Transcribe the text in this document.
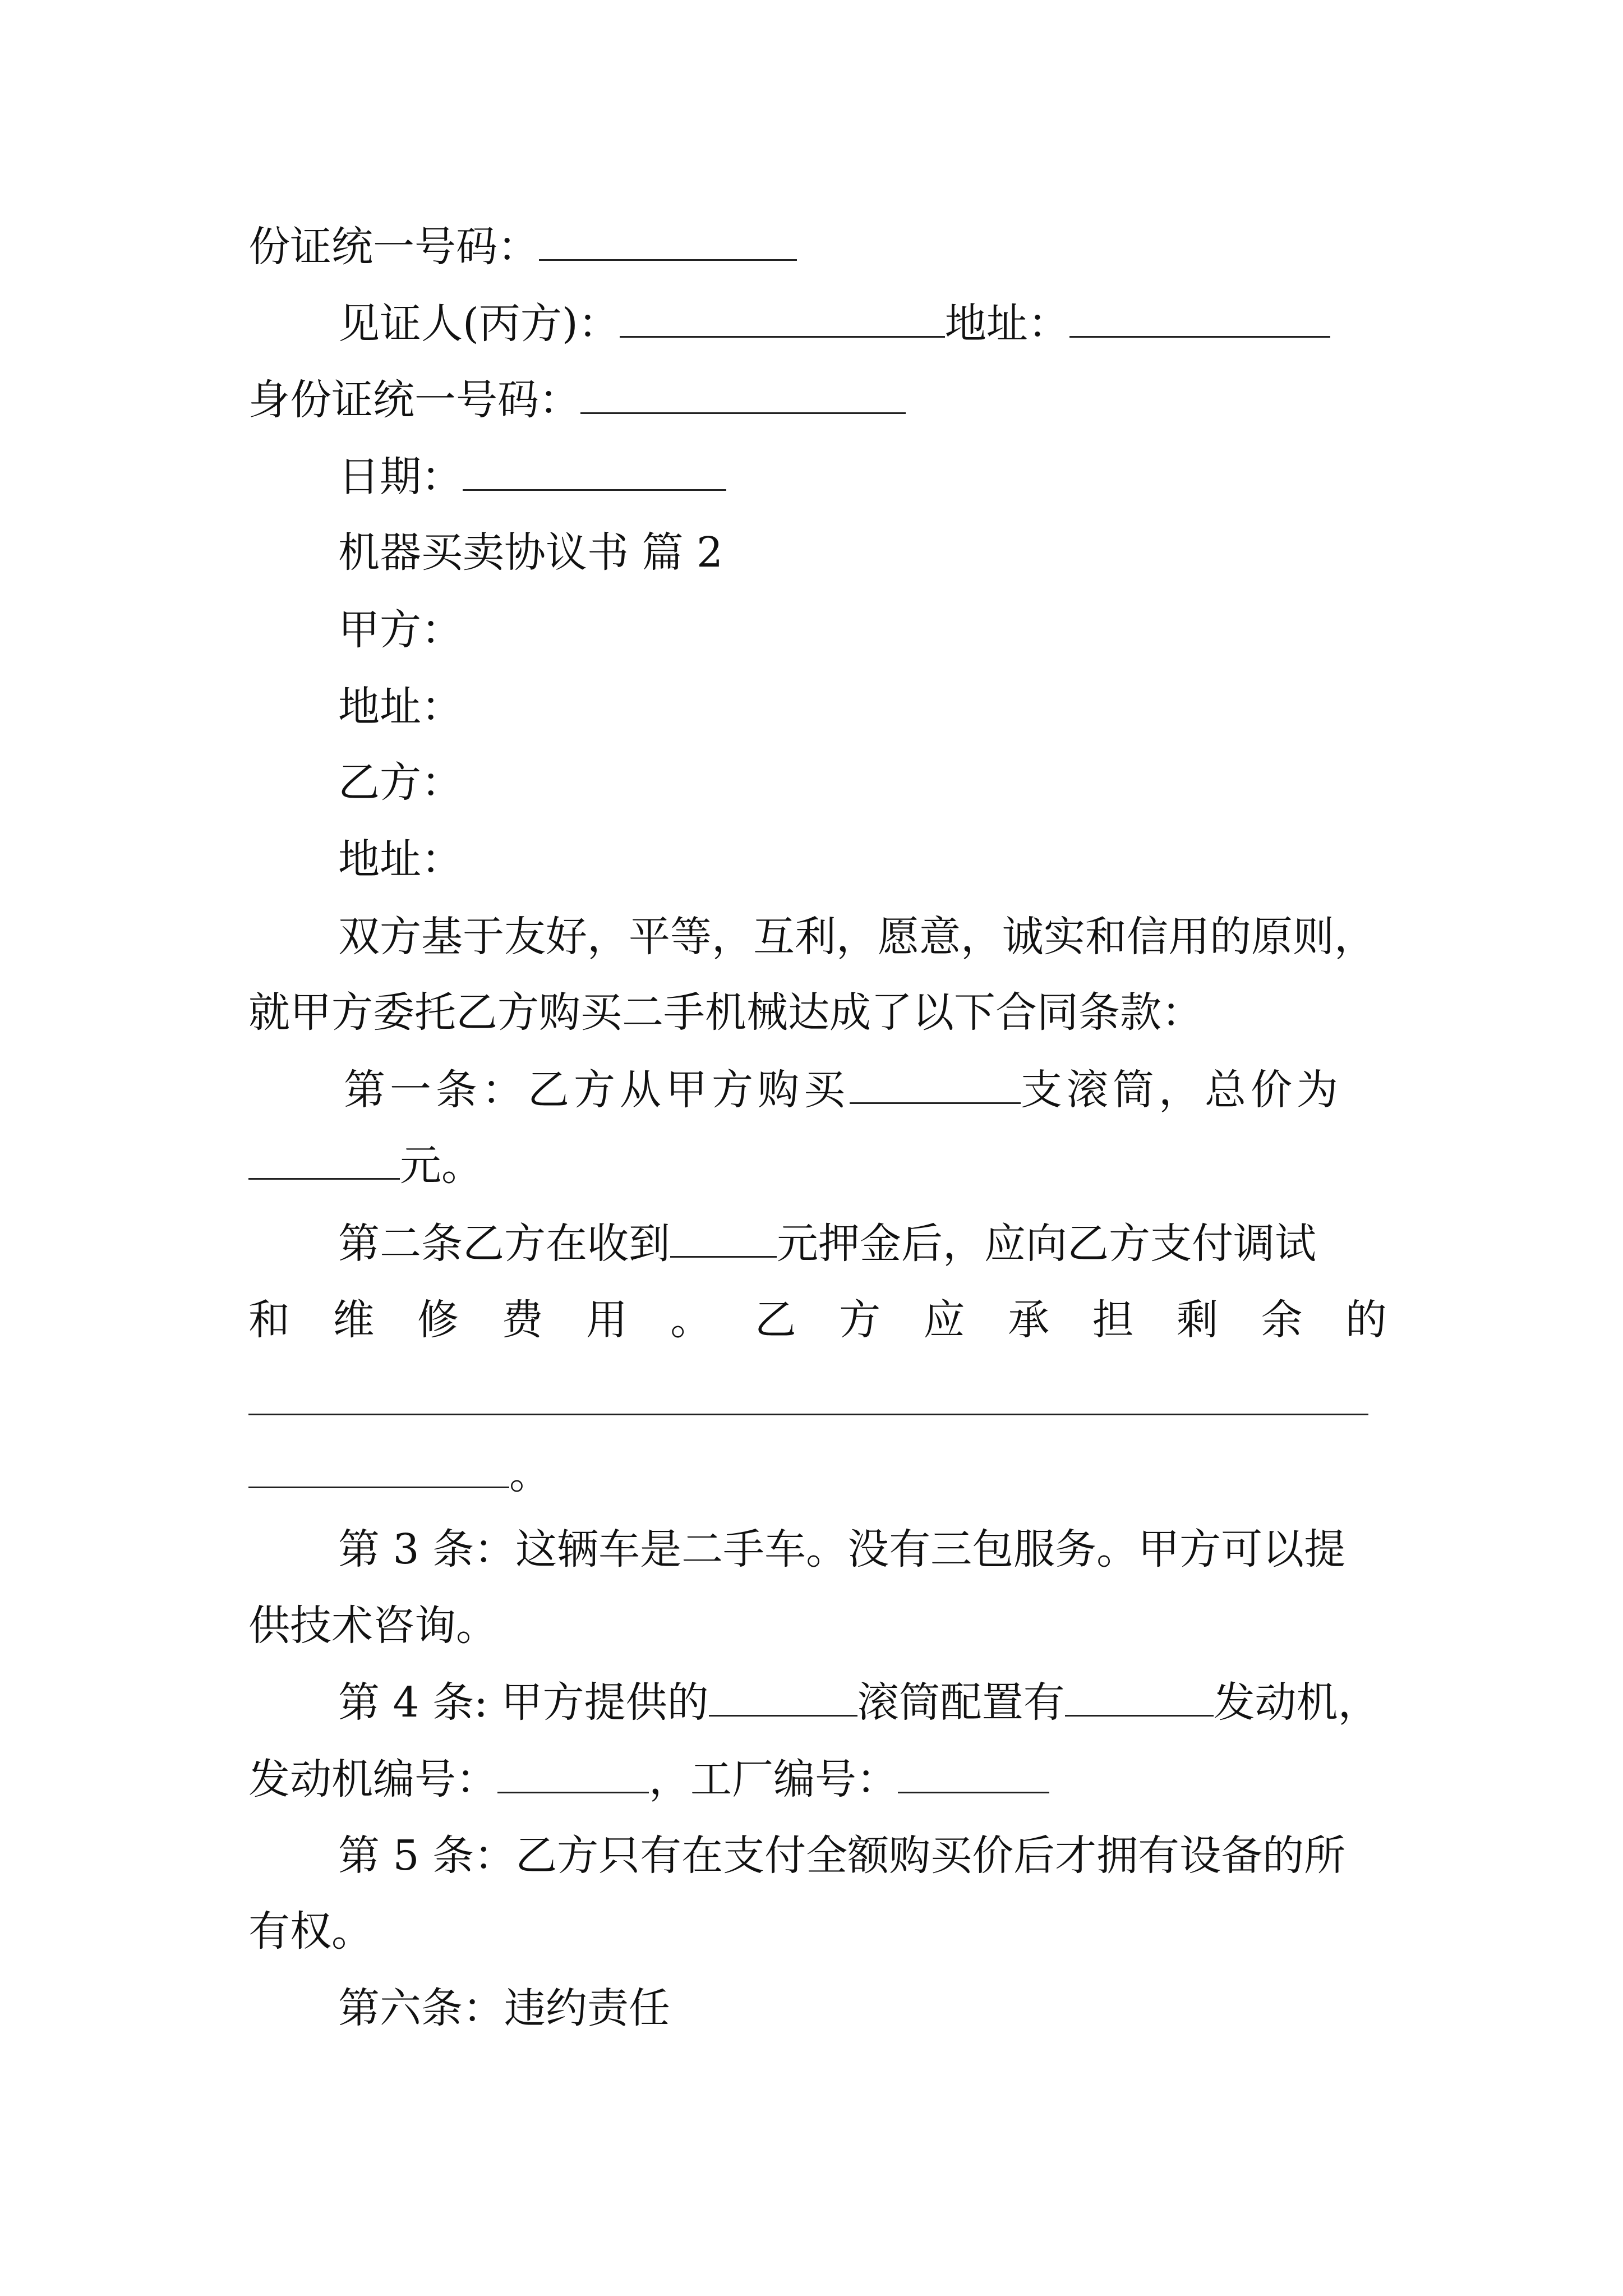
份证统一号码：
见证人(丙方)：	地址：
身份证统一号码：
日期：
机器买卖协议书 篇 2
甲方：
地址：
乙方：
地址：
双方基于友好，平等，互利，愿意，诚实和信用的原则，
就甲方委托乙方购买二手机械达成了以下合同条款：
第一条：乙方从甲方购买	支滚筒，总价为
元。
第二条乙方在收到	元押金后，应向乙方支付调试
和 维 修 费 用 。 乙 方 应 承 担 剩 余 的
。
第 3 条：这辆车是二手车。没有三包服务。甲方可以提
供技术咨询。
第 4 条: 甲方提供的	滚筒配置有	发动机，
发动机编号：	，工厂编号：
第 5 条：乙方只有在支付全额购买价后才拥有设备的所
有权。
第六条：违约责任
